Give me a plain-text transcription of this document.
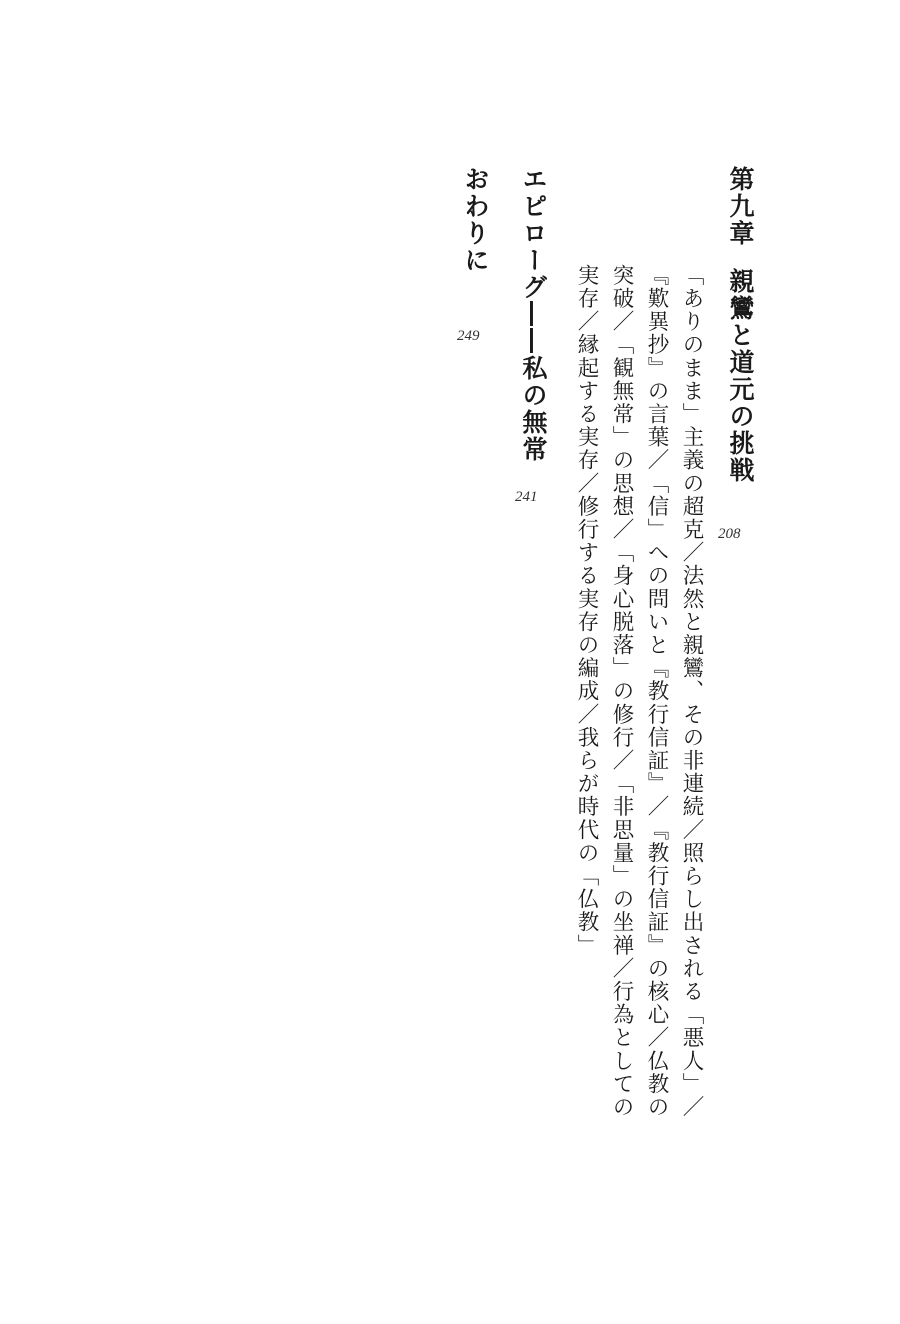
第九章
親鸞と道元の挑戦
208
「ありのまま」主義の超克／法然と親鸞、その非連続／照らし出される「悪人」／
『歎異抄』の言葉／「信」への問いと『教行信証』／『教行信証』の核心／仏教の
突破／「観無常」の思想／「身心脱落」の修行／「非思量」の坐禅／行為としての
実存／縁起する実存／修行する実存の編成／我らが時代の「仏教」
エピローグ――私の無常
241
おわりに
249
